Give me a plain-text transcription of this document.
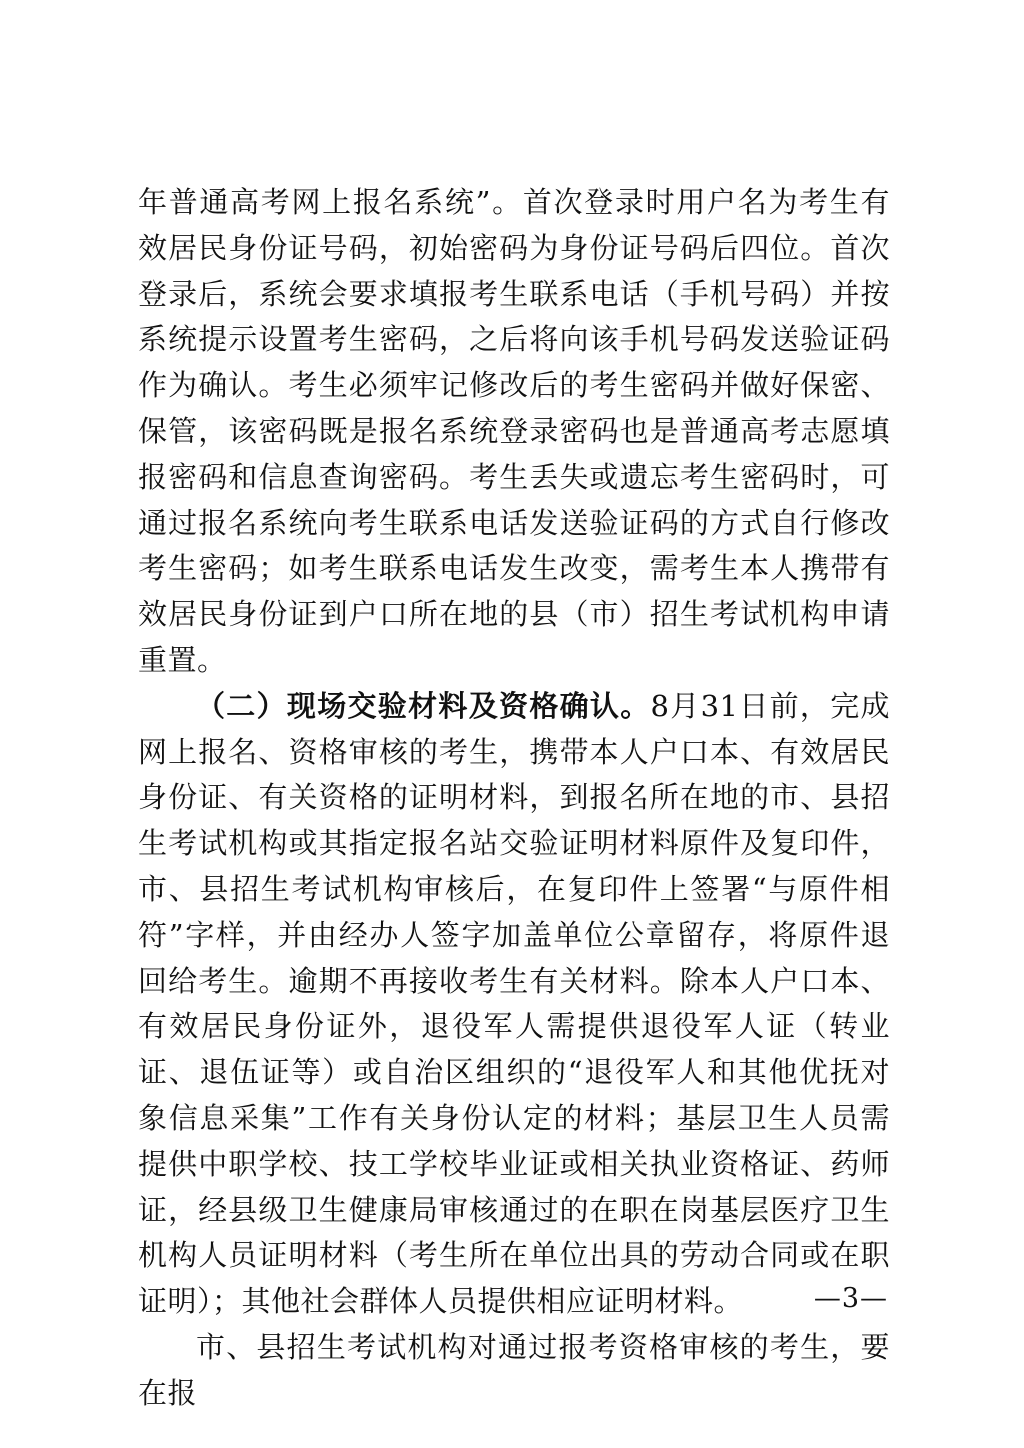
年普通高考网上报名系统”。首次登录时用户名为考生有效居民身份证号码，初始密码为身份证号码后四位。首次登录后，系统会要求填报考生联系电话（手机号码）并按系统提示设置考生密码，之后将向该手机号码发送验证码作为确认。考生必须牢记修改后的考生密码并做好保密、保管，该密码既是报名系统登录密码也是普通高考志愿填报密码和信息查询密码。考生丢失或遗忘考生密码时，可通过报名系统向考生联系电话发送验证码的方式自行修改考生密码；如考生联系电话发生改变，需考生本人携带有效居民身份证到户口所在地的县（市）招生考试机构申请重置。

（二）现场交验材料及资格确认。8月31日前，完成网上报名、资格审核的考生，携带本人户口本、有效居民身份证、有关资格的证明材料，到报名所在地的市、县招生考试机构或其指定报名站交验证明材料原件及复印件，市、县招生考试机构审核后，在复印件上签署“与原件相符”字样，并由经办人签字加盖单位公章留存，将原件退回给考生。逾期不再接收考生有关材料。除本人户口本、有效居民身份证外，退役军人需提供退役军人证（转业证、退伍证等）或自治区组织的“退役军人和其他优抚对象信息采集”工作有关身份认定的材料；基层卫生人员需提供中职学校、技工学校毕业证或相关执业资格证、药师证，经县级卫生健康局审核通过的在职在岗基层医疗卫生机构人员证明材料（考生所在单位出具的劳动合同或在职证明）；其他社会群体人员提供相应证明材料。

市、县招生考试机构对通过报考资格审核的考生，要在报

—3—
